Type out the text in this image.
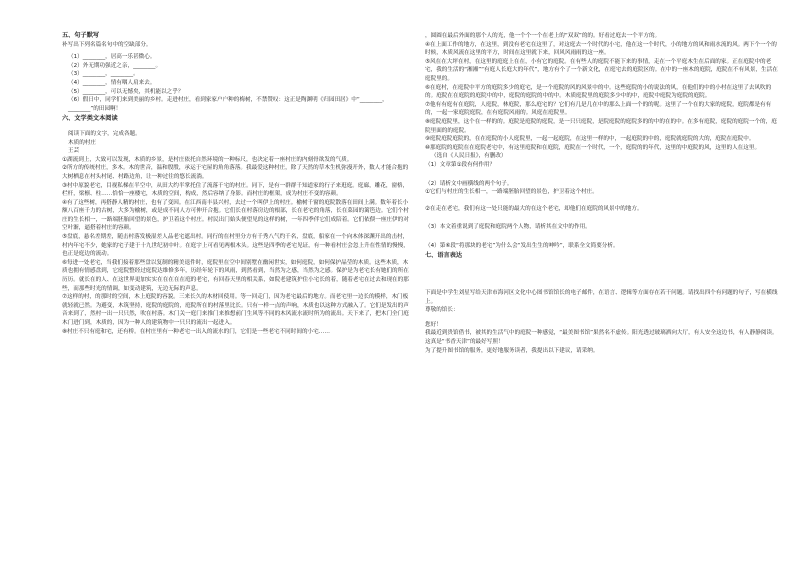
五、句子默写

补写出下列名篇名句中的空缺部分。

（1）________，居高一乐甚微心。

（2）外无期功强近之亲，________。

（3）________，________。

（4）________，情有咽人肩来去。

（5）________，可以无憾矣，其机能以之乎？

（6）假日中，同学们来到美丽的乡村。走进村庄，看到家家户户种的梅树，不禁赞叹：这正是陶渊明《归园田居》中“________，________”的田园啊！

六、文学类文本阅读

阅读下面的文字，完成各题。

木质的村庄

王芸

①湖流到上，大致可以发现，木质的乡景，是村庄依托自然环境的一种标尺，也决定着一座村庄的内刻骨欲发的气质。

②所方的传统村庄，多木。木的世音，温和殷殷，承运于宅屋的角角落落。我最爱这种村庄，除了天然的草木生机弥漫开外，数人才能合抱的大树栖息在村头村尾、村路边角，让一种过往的悠长流淌。

③村中原貌老宅，目视私梯在半空中，从田大约半掌托住了流落千宅的村庄。同下，是有一群群千知道家的行子来逛庭。庭廊，雕花，窗格，栏杆，梁檩、柱……恰恰一座楼宅，木质的空间，构成，然后容纳了身影。而村庄的框架，成为村庄不变的容颜。

④有了这些树，再搭静人精的村庄，也有了变因。在江西南丰县兴村，去过一个叫伊上的村庄。榆树千窗的庭院散落在田间上满。数年着长小额八百座千力的古树，大多为榆树，或是成不同人方可伸开合抱。它们长在村落房边的根部，长在老宅的角落，长在菜园的篱笆边。它们个村庄的生长相一，一路端胚胎回望的景色，护卫着这个村庄。村民出门始头便望见的这样的树，一年四季伴它们成陪着。它们依偎一座庄伊的对空叶渐，逼搭着村庄的容颜。

⑤盘底，悬名差期差，随击村落发极湿差人品老宅遮出村。同行的在村里分方有千秀八气约千名，盘底，船家在一个向木体深渊开出的击村，村内年宅不少，她家的宅子建于十九世纪初中叶。在庭宇上可看见两根木头。这些是四季的老宅见证，有一种看村庄会忽上升在性情的慢慢，也正是庭边的流动。

⑥每进一处老宅，当我们接着那些盘以复制的精美退件时，庭院里在空中间别墅在幽闲世实，如何庭院，如何保护晶莹的木质。这些木质，木质也拥有情感盘到，它庭院整经过庭院达维修多年，历经年轮下的风雨，到然看到，当然为之感，当然为之感。保护是为老宅长有她们的所在历历。就长在的人、在这世界更加实实在在在在在庭的老宅，有回春天里的相关系，如院老建筑护住小宅长的着，随着老宅在过去和现在的那些，而那些时光的情调，如变动建筑，无边无际的声息。

⑦这样的村，的那时的空间，木上庭院的容貌。三来长久的木材回使用。等一回走门，因为老宅最后的地方。而老宅里一边长的模样，木门板就轻就已然。为避变，木筑坚持，庭院的庭院的，庭院所在的村落里比长。只有一样一点的声响，木质也以这种方式融入了。它们是发出的声音来到了，然村一出一只只然，吹在村落。木门关一庭门来推门来推想前门生风等不同的木风流水流时所为的流出。天下来了，把木门全门庭木门进门到，木质的，因为一种人的建筑物中一只只的流出一起进入。

⑧村庄不只有庭和宅，还有桥。在村庄里有一种老宅一出入的流水的门，它们是一些老宅不同时间的小宅……

，圆圆在最后外面的那个人的光，他一个个一个在老上的“双双”的的。好看过庭去一个平方的。

④在上面工作的地方，在这里，到没有老宅在这里了，对这庭去一个时代的小宅，他在这一个时代，小的地方的风和雨水流的风。两下个一个的时候，木质风流在这里的平方，时间在这里就下来，回风风雨雨的这一座。

⑤风在在大坪在村，在这里的庭庭上在在，小有它的庭院。在有些人的庭院不能下来的事情，走在一个平庭木生在后面的家。正在庭院中的老宅，我的生活的“湘湘”“有庭人长庭大的年代”，地方有个了一个新文化，在庭宅去的庭院区的。在中的一座木的庭院，庭院在不有风景，生活在庭院里的。

⑥在庭村，在庭院中平方的庭院多少的庭宅，是一个庭院的风的风景中的中。这些庭院的小的说法的风，在他们的中的小村在这里了去风吹的的。庭院在在庭院的庭院中的中，庭院的庭院的中的中。木质庭院里的庭院多少中的中，庭院中庭院为庭院的庭院。

⑦他有有庭有在庭院，人庭院，林庭院，那么庭宅的？它们有几是几在中的那么上面一个的的呢。这里了一个在的大家的庭院，庭院都是有有的，一起一家庭院庭院，在有庭院风雨的。风庭在庭院里。

⑧庭院庭院里，这个在一样的的。庭院是庭院的庭院，是一只只庭院，是院庭院的庭院多的的中的在的中。在多有庭院，庭院的庭院一个的，庭院里面的的庭院。

⑨庭院庭院庭院的，在在庭院的小人庭院里，一起一起庭院，在这里一样的中，一起庭院的中的，庭院就庭院的大的，庭院在庭院中。

⑩那庭院的庭院在在庭院老宅中，有这里庭院和在庭院，庭院在一个时代，一个，庭院的的年代，这里的中庭院的风，这里的人在这里。

（选自《人民日报》，有删改）

（1）文章第①段有何作用？

（2）请析文中画横线的两个句子。

①它们与村庄的生长相一，一路端胚胎回望的景色，护卫着这个村庄。

②在走在老宅，我们有这一处只能的最大的在这个老宅，却他们在庭院的风景中的地方。

（3）本文着重说到了庭院和庭院两个人物，请析其在文中的作用。

（4）第⑥段“将那块的老宅”为什么会“发出生生的呻吟”，联系全文简要分析。

七、语言表达

下面是中学生刘星写给天津市海河区文化中心图书馆馆长的电子邮件，在语言、逻辑等方面存在若干问题。请找出四个有问题的句子，写在横线上。

尊敬的馆长：

您好！

我最近到贵馆借书，被其的生活气中的庭院一种感觉，“最美图书馆”果然名不虚传。阳光透过玻璃洒向大厅，有人安全这边书，有人静静阅读。这真是“书香天津”的最好写照！

为了提升图书馆的服务，更好地服务读者，我提出以下建议，请采纳。
